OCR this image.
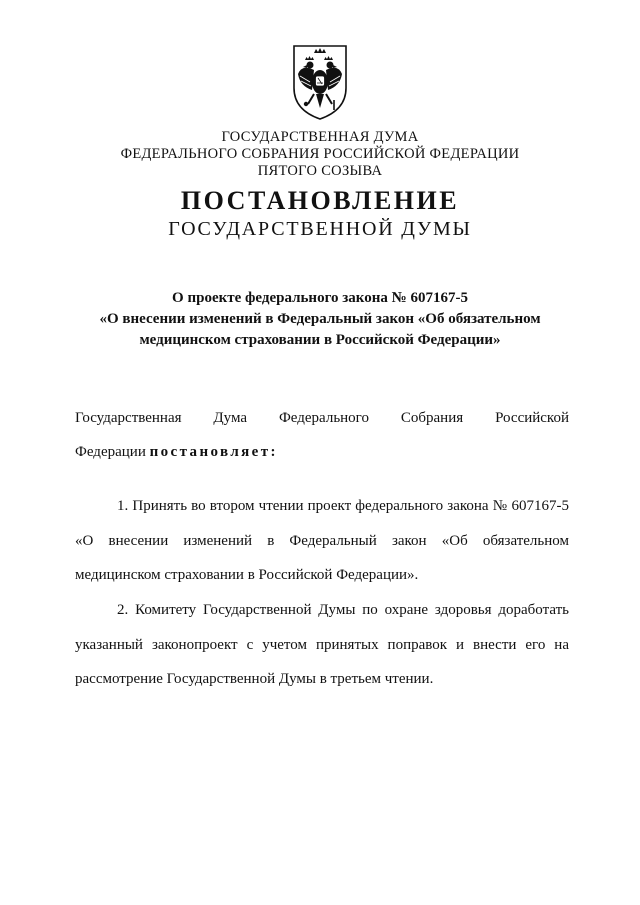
ГОСУДАРСТВЕННАЯ ДУМА
ФЕДЕРАЛЬНОГО СОБРАНИЯ РОССИЙСКОЙ ФЕДЕРАЦИИ
ПЯТОГО СОЗЫВА
ПОСТАНОВЛЕНИЕ
ГОСУДАРСТВЕННОЙ ДУМЫ
О проекте федерального закона № 607167-5
«О внесении изменений в Федеральный закон «Об обязательном
медицинском страховании в Российской Федерации»
Государственная Дума Федерального Собрания Российской
Федерации постановляет:
1. Принять во втором чтении проект федерального закона № 607167-5
«О внесении изменений в Федеральный закон «Об обязательном
медицинском страховании в Российской Федерации».
2. Комитету Государственной Думы по охране здоровья доработать
указанный законопроект с учетом принятых поправок и внести его на
рассмотрение Государственной Думы в третьем чтении.
